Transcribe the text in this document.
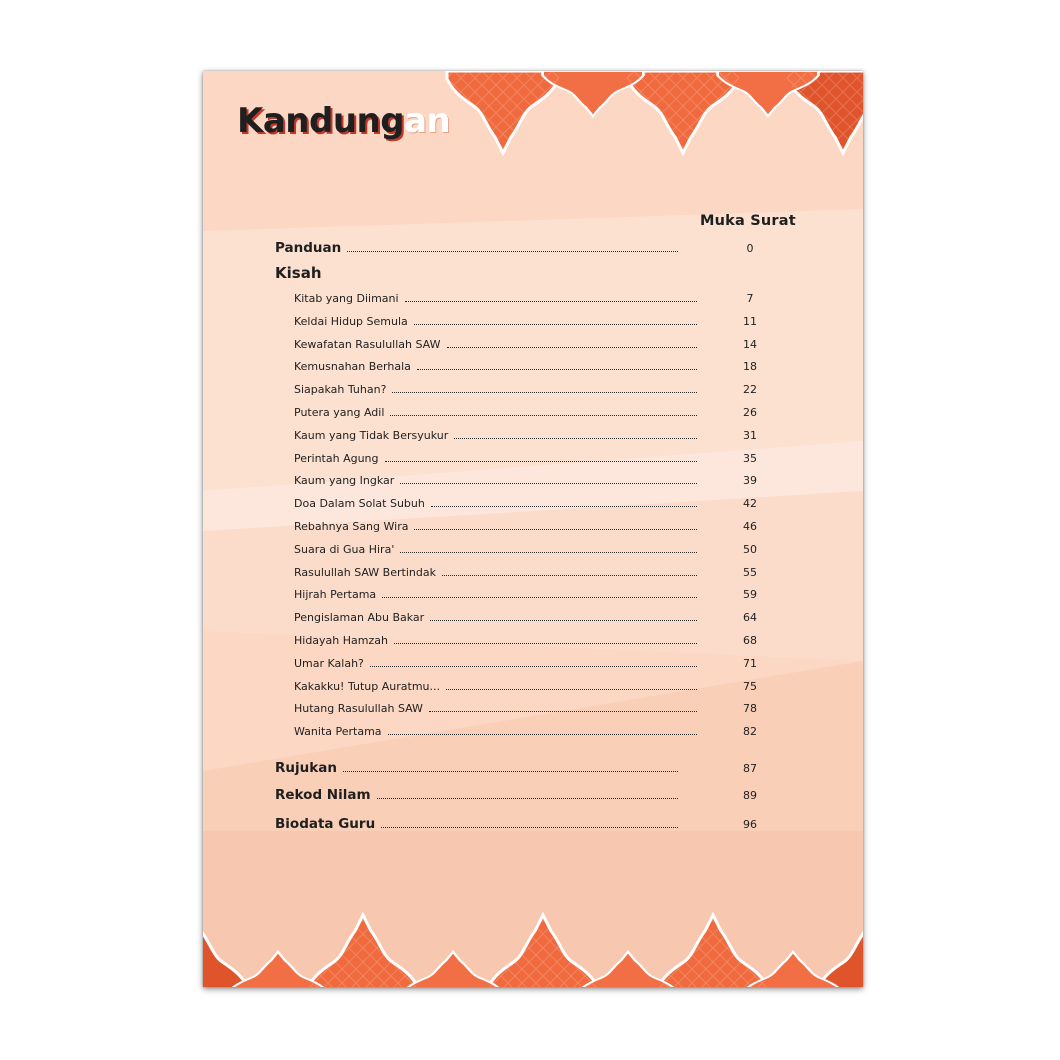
Kandungan

Muka Surat

Panduan	0
Kisah
Kitab yang Diimani	7
Keldai Hidup Semula	11
Kewafatan Rasulullah SAW	14
Kemusnahan Berhala	18
Siapakah Tuhan?	22
Putera yang Adil	26
Kaum yang Tidak Bersyukur	31
Perintah Agung	35
Kaum yang Ingkar	39
Doa Dalam Solat Subuh	42
Rebahnya Sang Wira	46
Suara di Gua Hira'	50
Rasulullah SAW Bertindak	55
Hijrah Pertama	59
Pengislaman Abu Bakar	64
Hidayah Hamzah	68
Umar Kalah?	71
Kakakku! Tutup Auratmu...	75
Hutang Rasulullah SAW	78
Wanita Pertama	82
Rujukan	87
Rekod Nilam	89
Biodata Guru	96
